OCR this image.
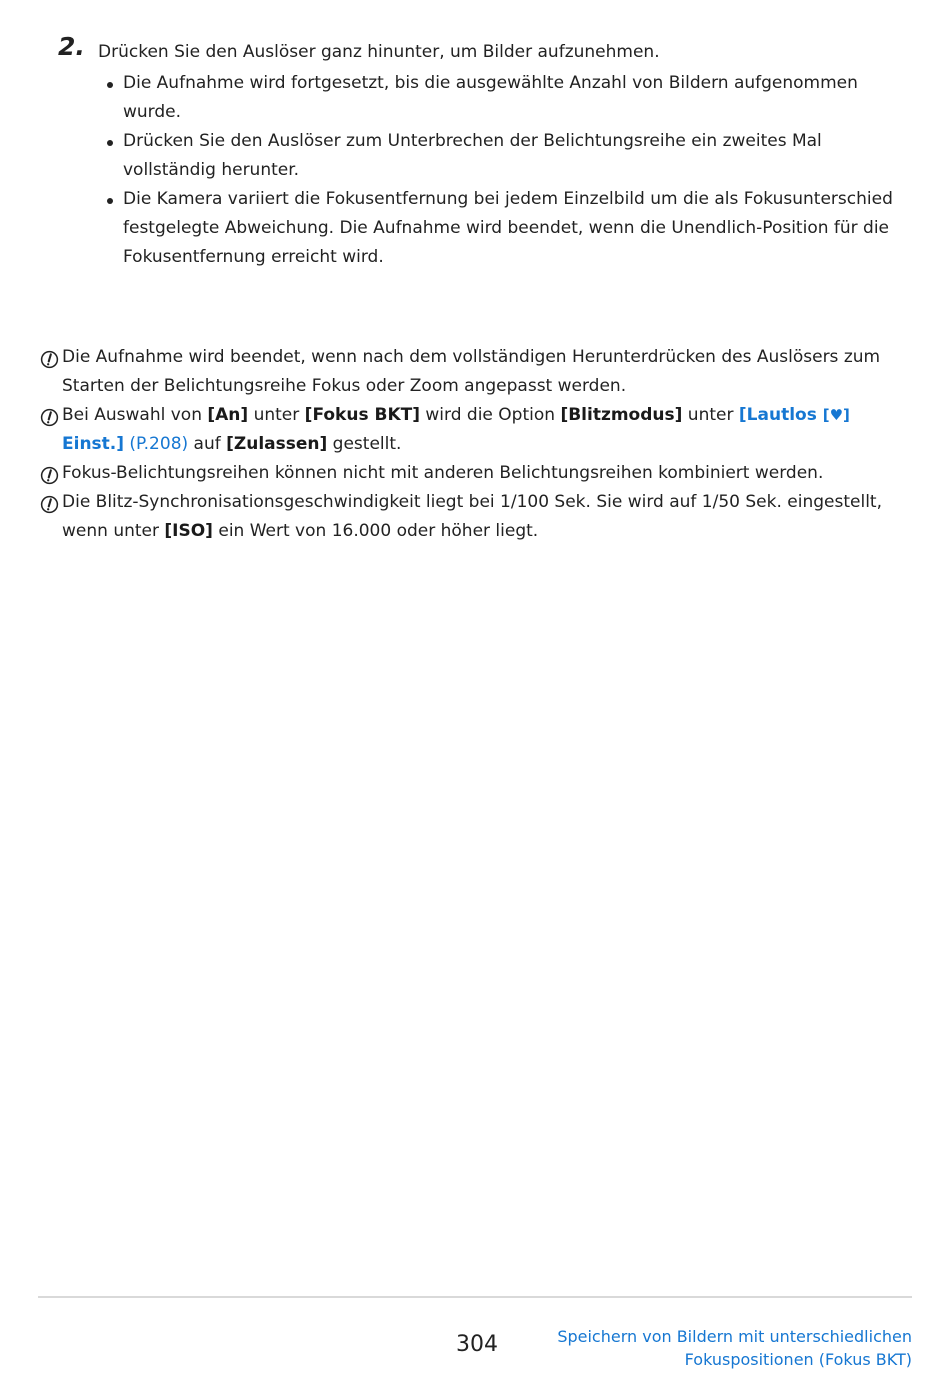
2. Drücken Sie den Auslöser ganz hinunter, um Bilder aufzunehmen.
Die Aufnahme wird fortgesetzt, bis die ausgewählte Anzahl von Bildern aufgenommen wurde.
Drücken Sie den Auslöser zum Unterbrechen der Belichtungsreihe ein zweites Mal vollständig herunter.
Die Kamera variiert die Fokusentfernung bei jedem Einzelbild um die als Fokusunterschied festgelegte Abweichung. Die Aufnahme wird beendet, wenn die Unendlich-Position für die Fokusentfernung erreicht wird.
Die Aufnahme wird beendet, wenn nach dem vollständigen Herunterdrücken des Auslösers zum Starten der Belichtungsreihe Fokus oder Zoom angepasst werden.
Bei Auswahl von [An] unter [Fokus BKT] wird die Option [Blitzmodus] unter [Lautlos [♥] Einst.] (P.208) auf [Zulassen] gestellt.
Fokus-Belichtungsreihen können nicht mit anderen Belichtungsreihen kombiniert werden.
Die Blitz-Synchronisationsgeschwindigkeit liegt bei 1/100 Sek. Sie wird auf 1/50 Sek. eingestellt, wenn unter [ISO] ein Wert von 16.000 oder höher liegt.
304	Speichern von Bildern mit unterschiedlichen
Fokuspositionen (Fokus BKT)
